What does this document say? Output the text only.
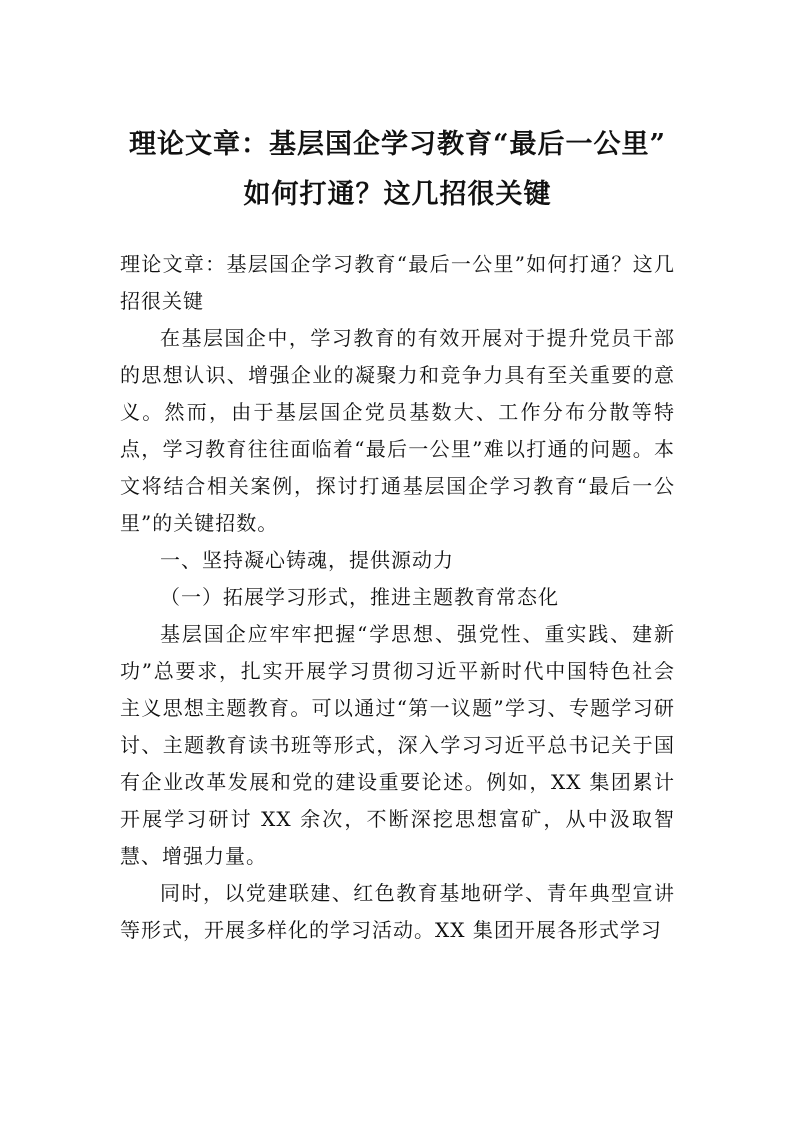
理论文章：基层国企学习教育“最后一公里”
如何打通？这几招很关键

理论文章：基层国企学习教育“最后一公里”如何打通？这几招很关键

在基层国企中，学习教育的有效开展对于提升党员干部的思想认识、增强企业的凝聚力和竞争力具有至关重要的意义。然而，由于基层国企党员基数大、工作分布分散等特点，学习教育往往面临着“最后一公里”难以打通的问题。本文将结合相关案例，探讨打通基层国企学习教育“最后一公里”的关键招数。

一、坚持凝心铸魂，提供源动力

（一）拓展学习形式，推进主题教育常态化

基层国企应牢牢把握“学思想、强党性、重实践、建新功”总要求，扎实开展学习贯彻习近平新时代中国特色社会主义思想主题教育。可以通过“第一议题”学习、专题学习研讨、主题教育读书班等形式，深入学习习近平总书记关于国有企业改革发展和党的建设重要论述。例如，XX 集团累计开展学习研讨 XX 余次，不断深挖思想富矿，从中汲取智慧、增强力量。

同时，以党建联建、红色教育基地研学、青年典型宣讲等形式，开展多样化的学习活动。XX 集团开展各形式学习
